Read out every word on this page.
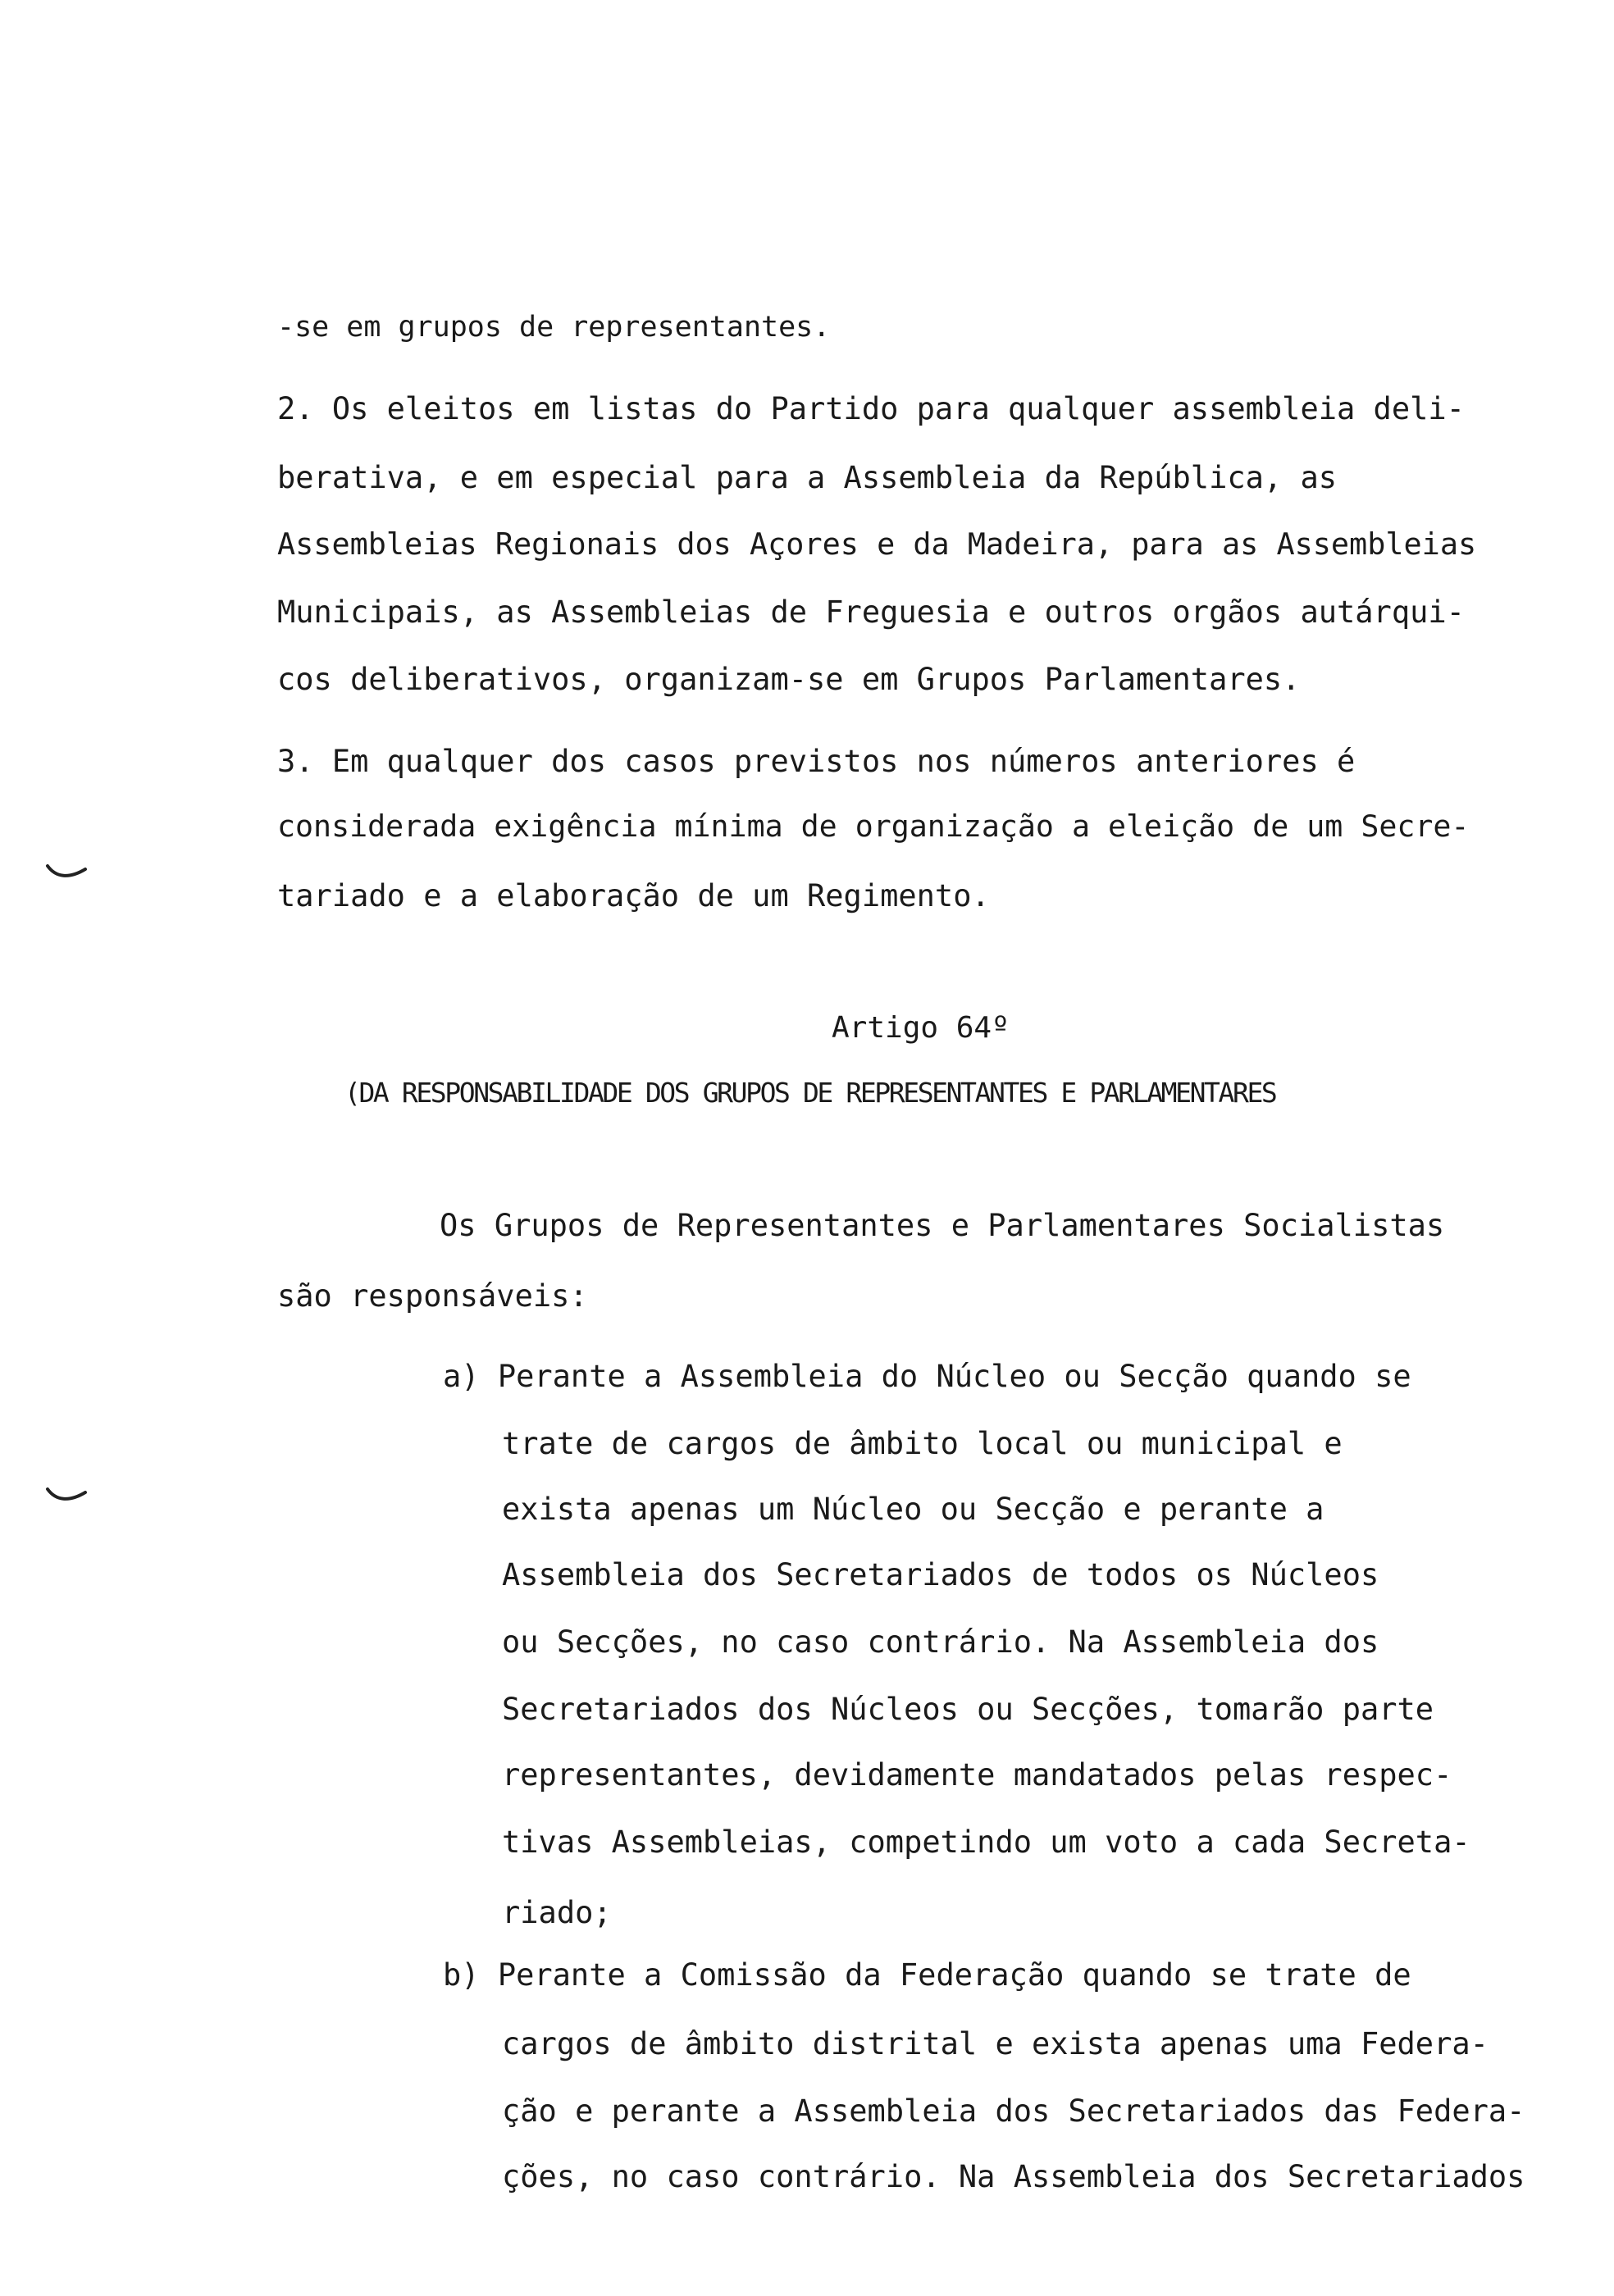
-se em grupos de representantes.
2. Os eleitos em listas do Partido para qualquer assembleia deli-
berativa, e em especial para a Assembleia da República, as
Assembleias Regionais dos Açores e da Madeira, para as Assembleias
Municipais, as Assembleias de Freguesia e outros orgãos autárqui-
cos deliberativos, organizam-se em Grupos Parlamentares.
3. Em qualquer dos casos previstos nos números anteriores é
considerada exigência mínima de organização a eleição de um Secre-
tariado e a elaboração de um Regimento.
Artigo 64º
(DA RESPONSABILIDADE DOS GRUPOS DE REPRESENTANTES E PARLAMENTARES
Os Grupos de Representantes e Parlamentares Socialistas
são responsáveis:
a) Perante a Assembleia do Núcleo ou Secção quando se
trate de cargos de âmbito local ou municipal e
exista apenas um Núcleo ou Secção e perante a
Assembleia dos Secretariados de todos os Núcleos
ou Secções, no caso contrário. Na Assembleia dos
Secretariados dos Núcleos ou Secções, tomarão parte
representantes, devidamente mandatados pelas respec-
tivas Assembleias, competindo um voto a cada Secreta-
riado;
b) Perante a Comissão da Federação quando se trate de
cargos de âmbito distrital e exista apenas uma Federa-
ção e perante a Assembleia dos Secretariados das Federa-
ções, no caso contrário. Na Assembleia dos Secretariados
